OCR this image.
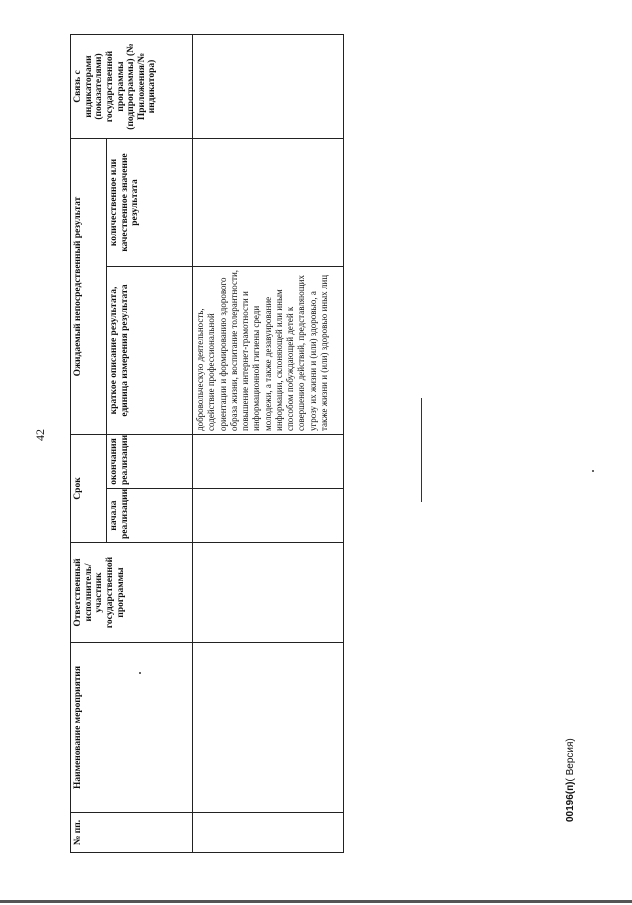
42
№ пп.	Наименование мероприятия	Ответственный исполнитель/участник государственной программы	Срок		Ожидаемый непосредственный результат		Связь с индикаторами (показателями) государственной программы (подпрограммы) (№ Приложения/№ индикатора)
			начала реализации	окончания реализации	краткое описание результата, единица измерения результата	количественное или качественное значение результата	
					добровольческую деятельность, содействие профессиональной ориентации и формированию здорового образа жизни, воспитание толерантности, повышение интернет-грамотности и информационной гигиены среди молодежи, а также дезавуирование информации, склоняющей или иным способом побуждающей детей к совершению действий, представляющих угрозу их жизни и (или) здоровью, а также жизни и (или) здоровью иных лиц		
00196(п)( Версия)
